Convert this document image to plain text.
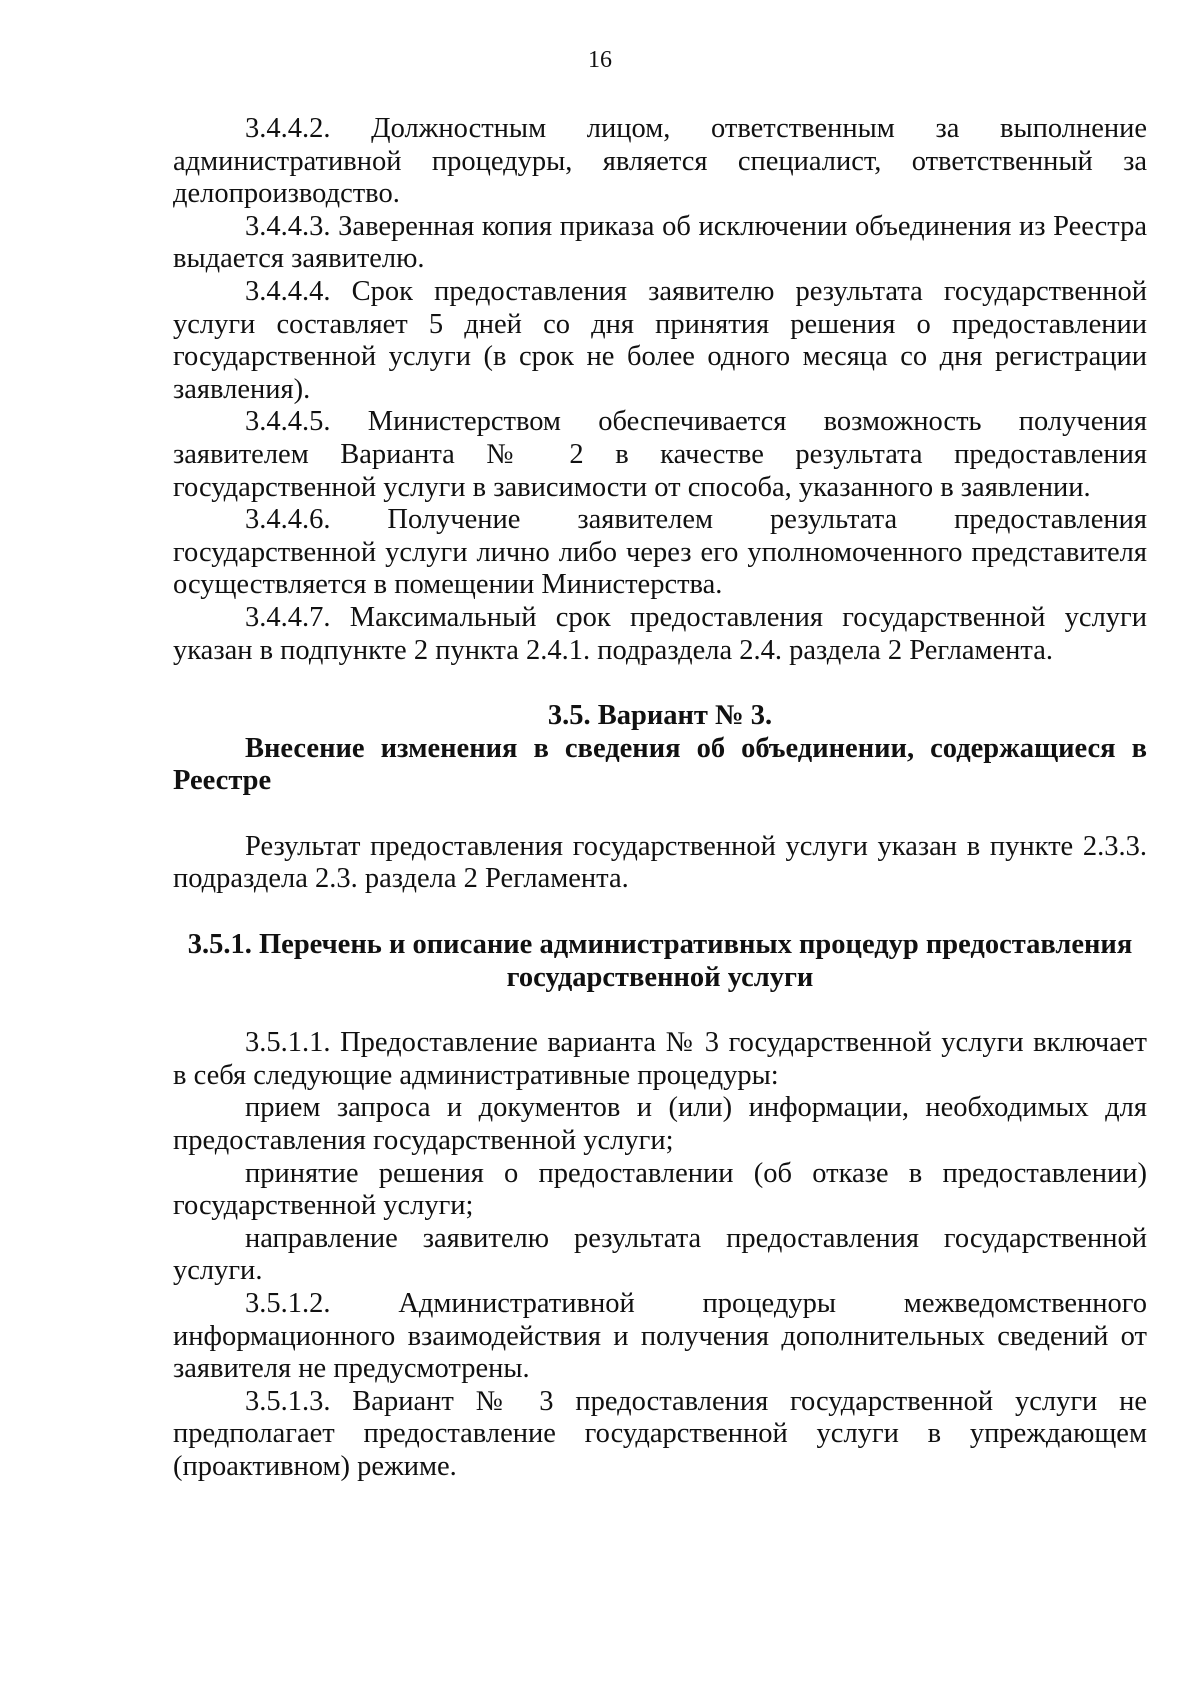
16

3.4.4.2. Должностным лицом, ответственным за выполнение административной процедуры, является специалист, ответственный за делопроизводство.

3.4.4.3. Заверенная копия приказа об исключении объединения из Реестра выдается заявителю.

3.4.4.4. Срок предоставления заявителю результата государственной услуги составляет 5 дней со дня принятия решения о предоставлении государственной услуги (в срок не более одного месяца со дня регистрации заявления).

3.4.4.5. Министерством обеспечивается возможность получения заявителем Варианта № 2 в качестве результата предоставления государственной услуги в зависимости от способа, указанного в заявлении.

3.4.4.6. Получение заявителем результата предоставления государственной услуги лично либо через его уполномоченного представителя осуществляется в помещении Министерства.

3.4.4.7. Максимальный срок предоставления государственной услуги указан в подпункте 2 пункта 2.4.1. подраздела 2.4. раздела 2 Регламента.

3.5. Вариант № 3.

Внесение изменения в сведения об объединении, содержащиеся в Реестре

Результат предоставления государственной услуги указан в пункте 2.3.3. подраздела 2.3. раздела 2 Регламента.

3.5.1. Перечень и описание административных процедур предоставления государственной услуги

3.5.1.1. Предоставление варианта № 3 государственной услуги включает в себя следующие административные процедуры:

прием запроса и документов и (или) информации, необходимых для предоставления государственной услуги;

принятие решения о предоставлении (об отказе в предоставлении) государственной услуги;

направление заявителю результата предоставления государственной услуги.

3.5.1.2. Административной процедуры межведомственного информационного взаимодействия и получения дополнительных сведений от заявителя не предусмотрены.

3.5.1.3. Вариант № 3 предоставления государственной услуги не предполагает предоставление государственной услуги в упреждающем (проактивном) режиме.
